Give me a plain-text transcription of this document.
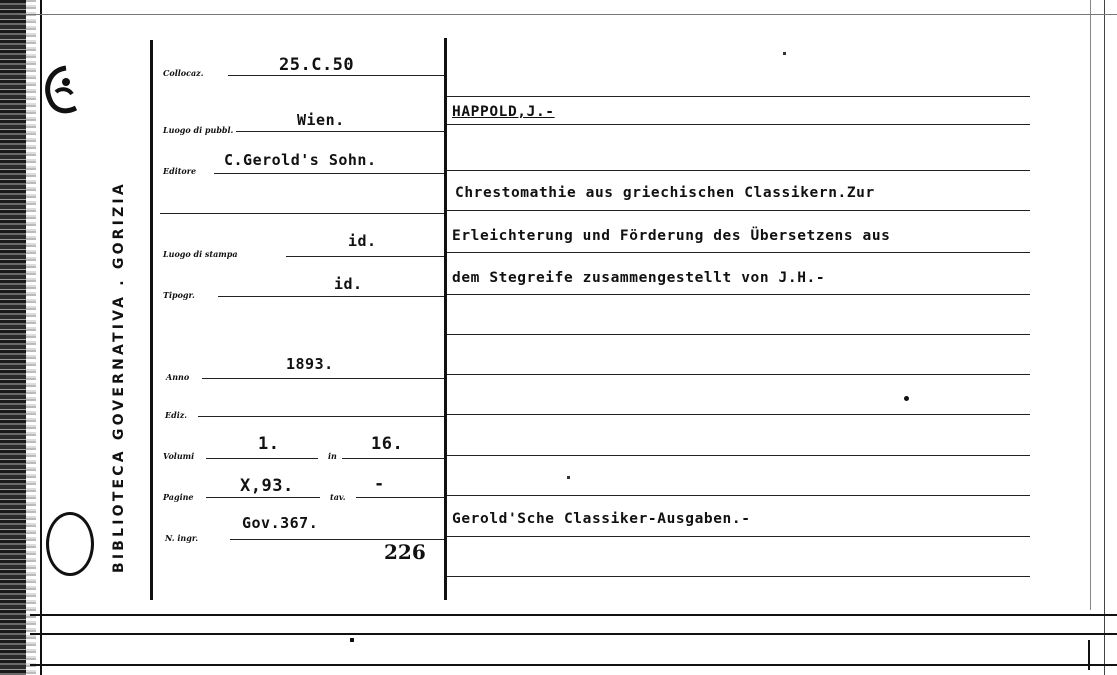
BIBLIOTECA GOVERNATIVA . GORIZIA
Collocaz.	25.C.50
Luogo di pubbl.
Wien.
Editore
C.Gerold's Sohn.
Luogo di stampa
id.
Tipogr.
id.
Anno
1893.
Ediz.
Volumi
1.
in
16.
Pagine
X,93.
tav.
-
N. ingr.
Gov.367.
226
HAPPOLD,J.-
Chrestomathie aus griechischen Classikern.Zur
Erleichterung und Förderung des Übersetzens aus
dem Stegreife zusammengestellt von J.H.-
Gerold'Sche Classiker-Ausgaben.-
